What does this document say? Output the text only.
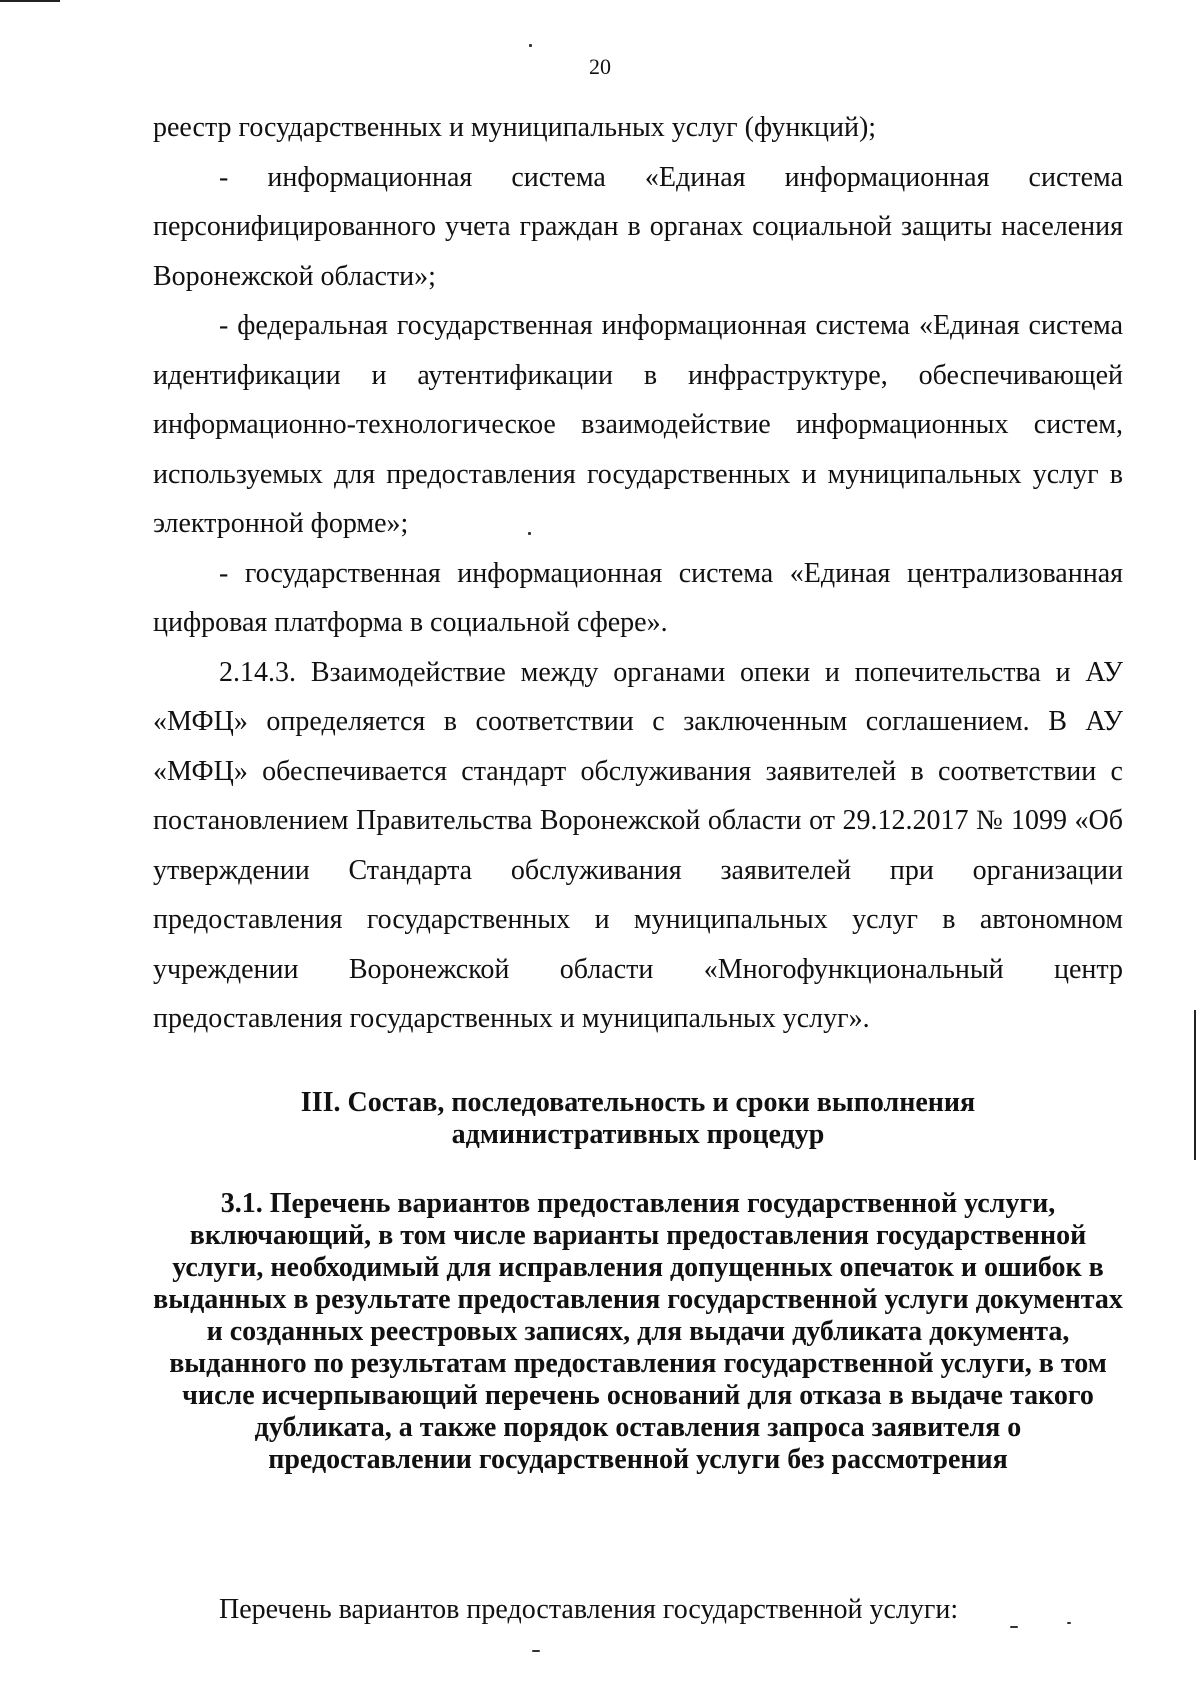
20

реестр государственных и муниципальных услуг (функций);

- информационная система «Единая информационная система персонифицированного учета граждан в органах социальной защиты населения Воронежской области»;

- федеральная государственная информационная система «Единая система идентификации и аутентификации в инфраструктуре, обеспечивающей информационно-технологическое взаимодействие информационных систем, используемых для предоставления государственных и муниципальных услуг в электронной форме»;

- государственная информационная система «Единая централизованная цифровая платформа в социальной сфере».

2.14.3. Взаимодействие между органами опеки и попечительства и АУ «МФЦ» определяется в соответствии с заключенным соглашением. В АУ «МФЦ» обеспечивается стандарт обслуживания заявителей в соответствии с постановлением Правительства Воронежской области от 29.12.2017 № 1099 «Об утверждении Стандарта обслуживания заявителей при организации предоставления государственных и муниципальных услуг в автономном учреждении Воронежской области «Многофункциональный центр предоставления государственных и муниципальных услуг».

III. Состав, последовательность и сроки выполнения
административных процедур

3.1. Перечень вариантов предоставления государственной услуги, включающий, в том числе варианты предоставления государственной услуги, необходимый для исправления допущенных опечаток и ошибок в выданных в результате предоставления государственной услуги документах и созданных реестровых записях, для выдачи дубликата документа, выданного по результатам предоставления государственной услуги, в том числе исчерпывающий перечень оснований для отказа в выдаче такого дубликата, а также порядок оставления запроса заявителя о предоставлении государственной услуги без рассмотрения

Перечень вариантов предоставления государственной услуги:
